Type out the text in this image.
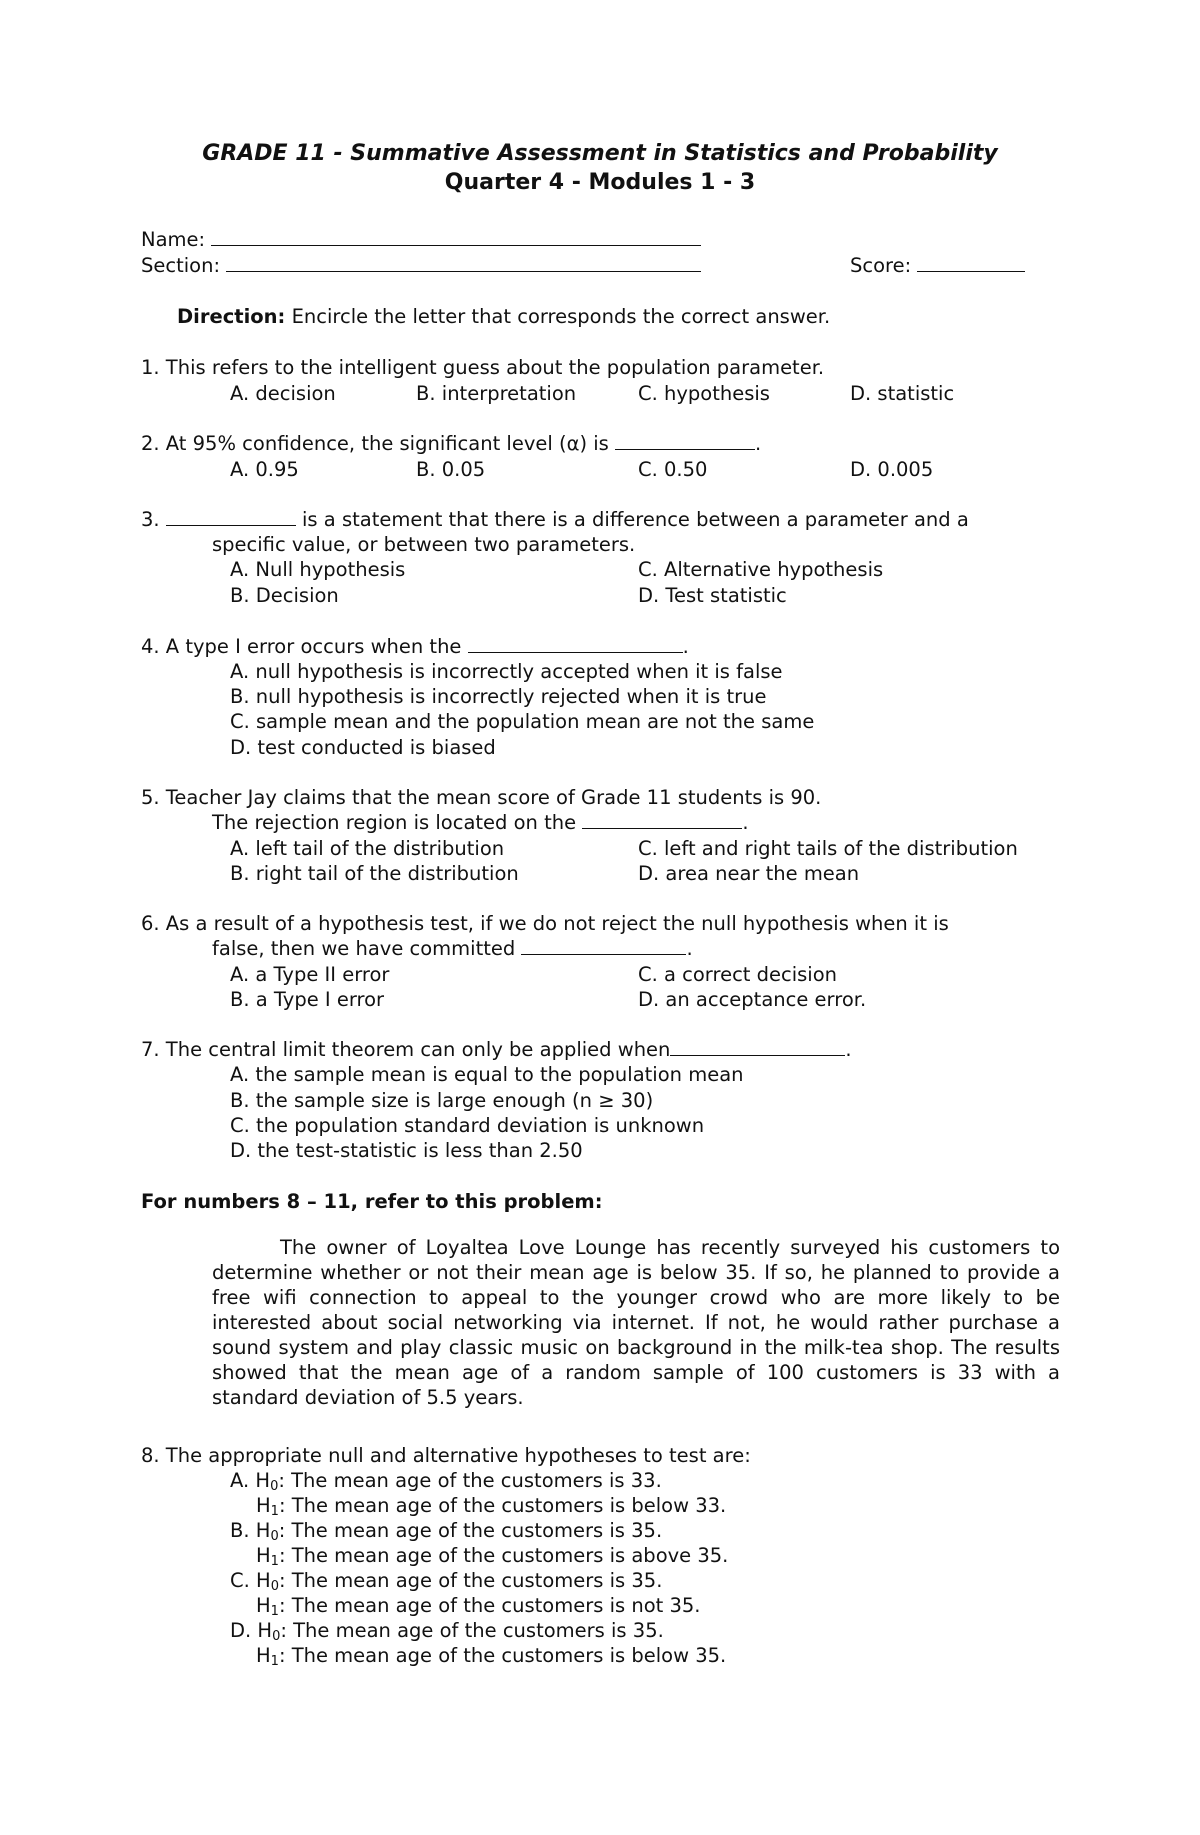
GRADE 11 - Summative Assessment in Statistics and Probability
Quarter 4 - Modules 1 - 3
Name:
Section:	Score:
Direction: Encircle the letter that corresponds the correct answer.
1. This refers to the intelligent guess about the population parameter.
A. decision	B. interpretation	C. hypothesis	D. statistic
2. At 95% confidence, the significant level (α) is	.
A. 0.95	B. 0.05	C. 0.50	D. 0.005
3.	is a statement that there is a difference between a parameter and a
specific value, or between two parameters.
A. Null hypothesis	C. Alternative hypothesis
B. Decision	D. Test statistic
4. A type I error occurs when the	.
A. null hypothesis is incorrectly accepted when it is false
B. null hypothesis is incorrectly rejected when it is true
C. sample mean and the population mean are not the same
D. test conducted is biased
5. Teacher Jay claims that the mean score of Grade 11 students is 90.
The rejection region is located on the	.
A. left tail of the distribution	C. left and right tails of the distribution
B. right tail of the distribution	D. area near the mean
6. As a result of a hypothesis test, if we do not reject the null hypothesis when it is
false, then we have committed	.
A. a Type II error	C. a correct decision
B. a Type I error	D. an acceptance error.
7. The central limit theorem can only be applied when	.
A. the sample mean is equal to the population mean
B. the sample size is large enough (n ≥ 30)
C. the population standard deviation is unknown
D. the test-statistic is less than 2.50
For numbers 8 – 11, refer to this problem:
The owner of Loyaltea Love Lounge has recently surveyed his customers to determine whether or not their mean age is below 35. If so, he planned to provide a free wifi connection to appeal to the younger crowd who are more likely to be interested about social networking via internet. If not, he would rather purchase a sound system and play classic music on background in the milk-tea shop. The results showed that the mean age of a random sample of 100 customers is 33 with a standard deviation of 5.5 years.
8. The appropriate null and alternative hypotheses to test are:
A. $H_0$: The mean age of the customers is 33.
$H_1$: The mean age of the customers is below 33.
B. $H_0$: The mean age of the customers is 35.
$H_1$: The mean age of the customers is above 35.
C. $H_0$: The mean age of the customers is 35.
$H_1$: The mean age of the customers is not 35.
D. $H_0$: The mean age of the customers is 35.
$H_1$: The mean age of the customers is below 35.
